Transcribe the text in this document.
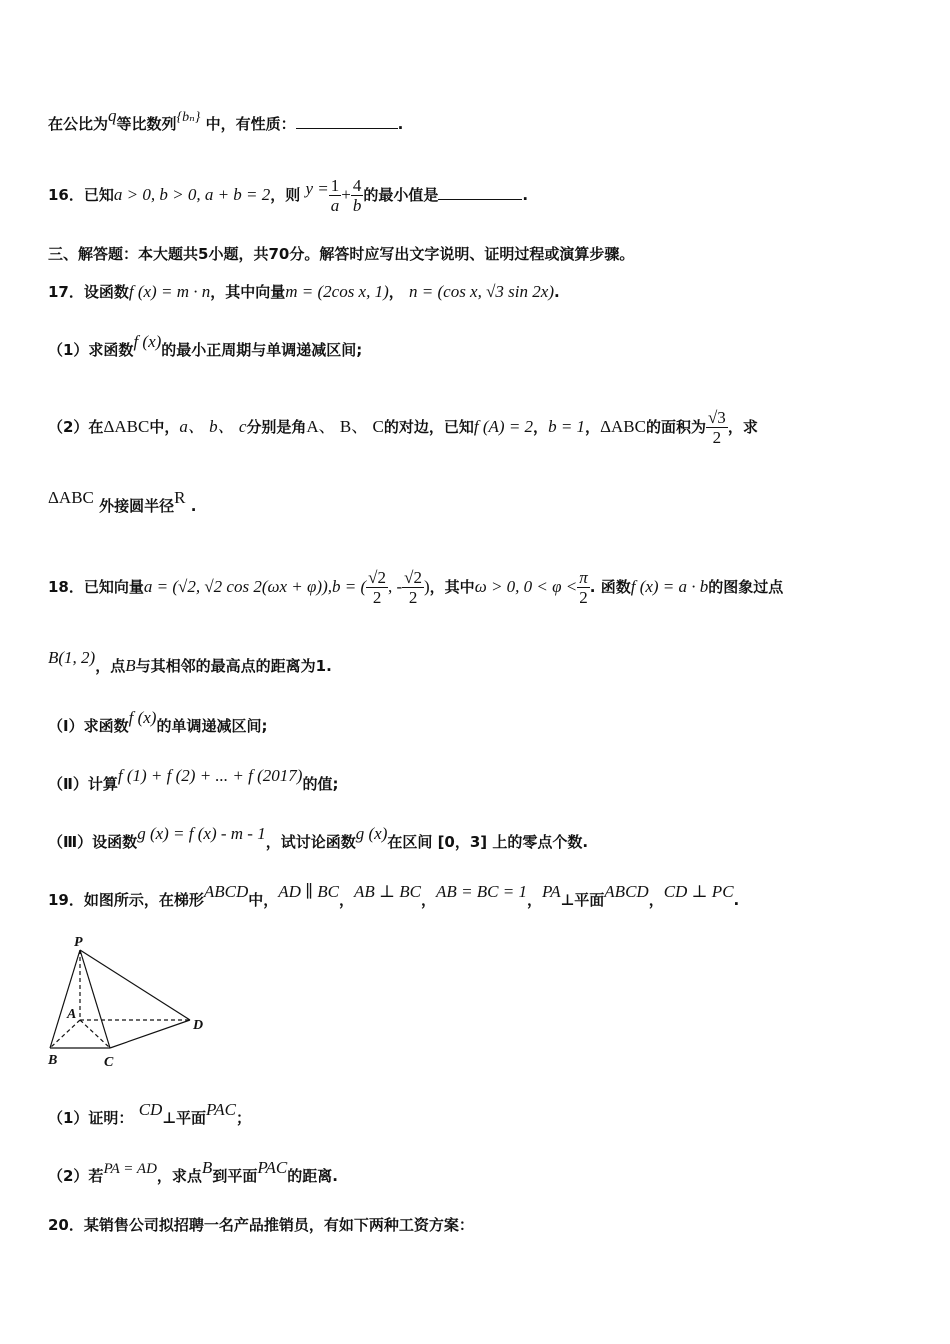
在公比为q等比数列{bₙ} 中，有性质：	.
16．已知a > 0, b > 0, a + b = 2，则 $y = \frac{1}{a} + \frac{4}{b}$ 的最小值是	.
三、解答题：本大题共5小题，共70分。解答时应写出文字说明、证明过程或演算步骤。
17．设函数f (x) = m · n，其中向量m = (2cos x, 1)， n = (cos x, √3 sin 2x).
（1）求函数f (x)的最小正周期与单调递减区间;
（2）在ΔABC中，a、 b、 c分别是角A、 B、 C的对边，已知f (A) = 2，b = 1，ΔABC的面积为 $\frac{√3}{2}$ ，求
ΔABC 外接圆半径R .
18．已知向量a = (√2, √2 cos 2(ωx + φ)),b = ( $\frac{√2}{2}$ , - $\frac{√2}{2}$ )，其中ω > 0, $0 < \varphi < \frac{\pi}{2}$ . 函数f (x) = a · b的图象过点
B(1, 2)，点B与其相邻的最高点的距离为1.
（Ⅰ）求函数f (x)的单调递减区间;
（Ⅱ）计算f (1) + f (2) + ... + f (2017)的值;
（Ⅲ）设函数g (x) = f (x) - m - 1，试讨论函数g (x)在区间 [0，3] 上的零点个数.
19．如图所示，在梯形ABCD中，AD ∥ BC，AB ⊥ BC，AB = BC = 1，PA⊥平面ABCD，CD ⊥ PC.
P
A
B	C
D
（1）证明： CD⊥平面PAC；
（2）若PA = AD，求点B到平面PAC的距离.
20．某销售公司拟招聘一名产品推销员，有如下两种工资方案：
